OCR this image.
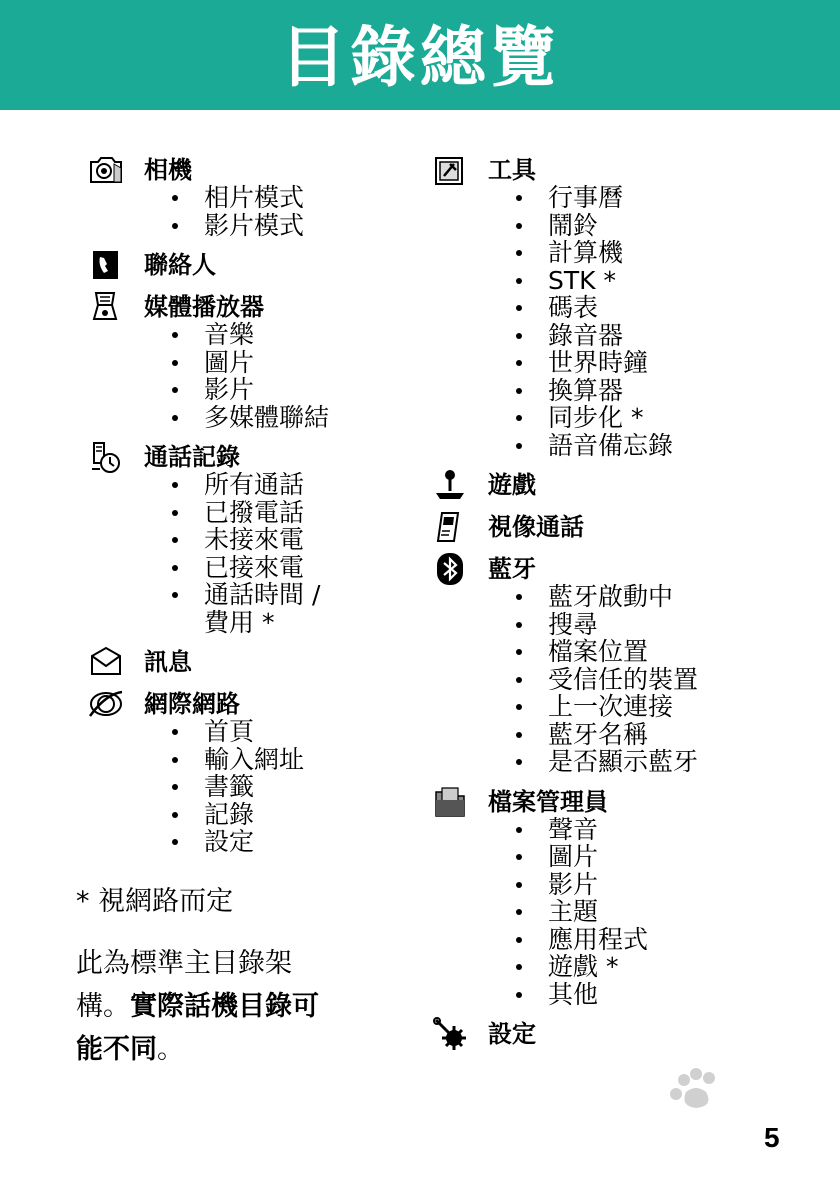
目錄總覽
相機
相片模式
影片模式
聯絡人
媒體播放器
音樂
圖片
影片
多媒體聯結
通話記錄
所有通話
已撥電話
未接來電
已接來電
通話時間 /
費用 *
訊息
網際網路
首頁
輸入網址
書籤
記錄
設定
工具
行事曆
鬧鈴
計算機
STK *
碼表
錄音器
世界時鐘
換算器
同步化 *
語音備忘錄
遊戲
視像通話
藍牙
藍牙啟動中
搜尋
檔案位置
受信任的裝置
上一次連接
藍牙名稱
是否顯示藍牙
檔案管理員
聲音
圖片
影片
主題
應用程式
遊戲 *
其他
設定
* 視網路而定
此為標準主目錄架
構。實際話機目錄可
能不同。
5
